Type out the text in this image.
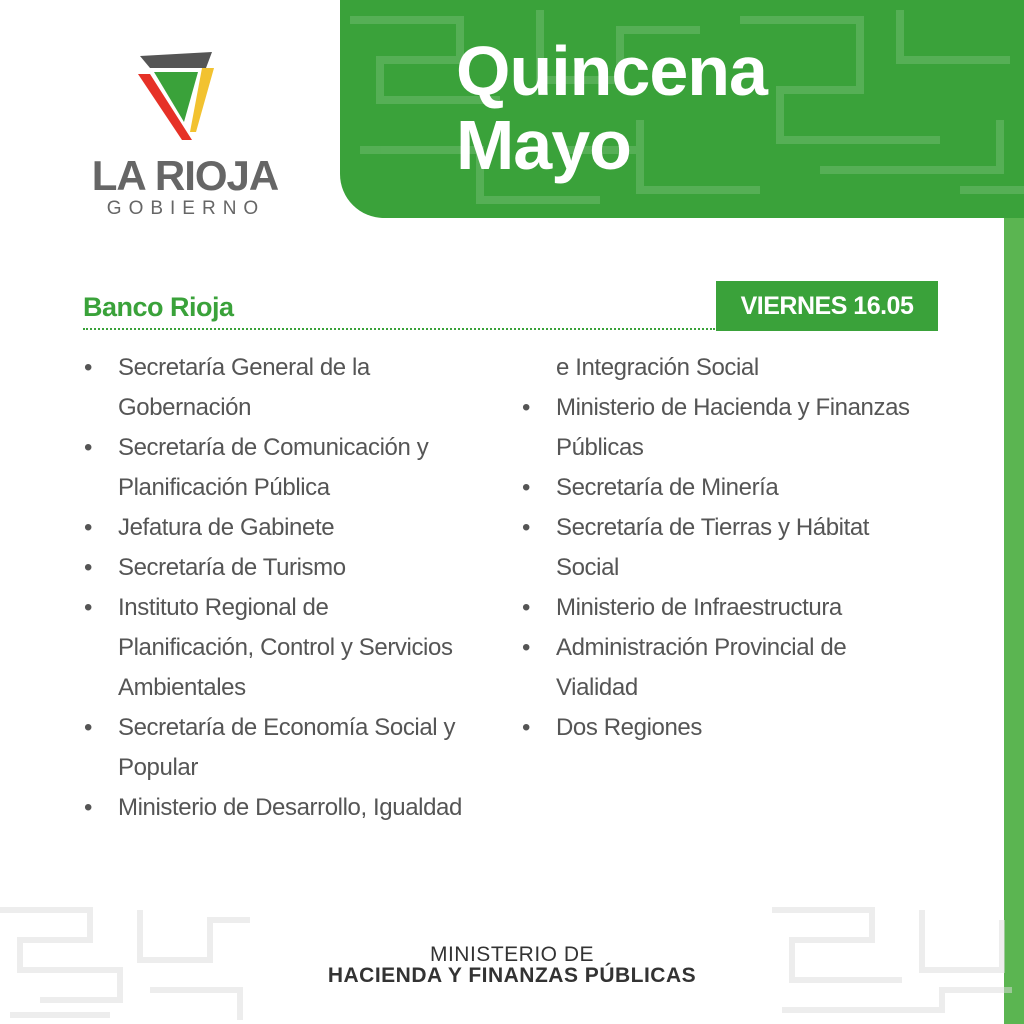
LA RIOJA
GOBIERNO
Quincena
Mayo
Banco Rioja	VIERNES 16.05
• Secretaría General de la
Gobernación
• Secretaría de Comunicación y
Planificación Pública
• Jefatura de Gabinete
• Secretaría de Turismo
• Instituto Regional de
Planificación, Control y Servicios
Ambientales
• Secretaría de Economía Social y
Popular
• Ministerio de Desarrollo, Igualdad
e Integración Social
• Ministerio de Hacienda y Finanzas
Públicas
• Secretaría de Minería
• Secretaría de Tierras y Hábitat
Social
• Ministerio de Infraestructura
• Administración Provincial de
Vialidad
• Dos Regiones
MINISTERIO DE
HACIENDA Y FINANZAS PÚBLICAS
